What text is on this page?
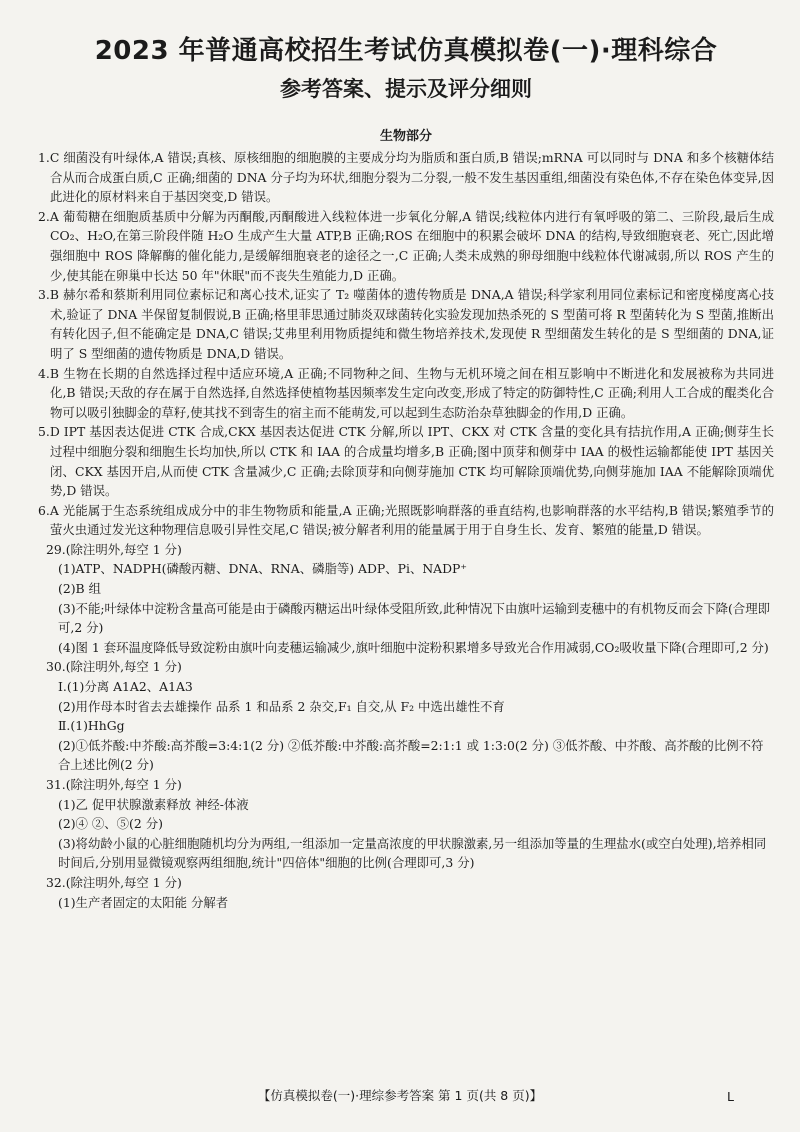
2023 年普通高校招生考试仿真模拟卷(一)·理科综合
参考答案、提示及评分细则
生物部分

1.C 细菌没有叶绿体,A 错误;真核、原核细胞的细胞膜的主要成分均为脂质和蛋白质,B 错误;mRNA 可以同时与 DNA 和多个核糖体结合从而合成蛋白质,C 正确;细菌的 DNA 分子均为环状,细胞分裂为二分裂,一般不发生基因重组,细菌没有染色体,不存在染色体变异,因此进化的原材料来自于基因突变,D 错误。

2.A 葡萄糖在细胞质基质中分解为丙酮酸,丙酮酸进入线粒体进一步氧化分解,A 错误;线粒体内进行有氧呼吸的第二、三阶段,最后生成 CO₂、H₂O,在第三阶段伴随 H₂O 生成产生大量 ATP,B 正确;ROS 在细胞中的积累会破坏 DNA 的结构,导致细胞衰老、死亡,因此增强细胞中 ROS 降解酶的催化能力,是缓解细胞衰老的途径之一,C 正确;人类未成熟的卵母细胞中线粒体代谢减弱,所以 ROS 产生的少,使其能在卵巢中长达 50 年"休眠"而不丧失生殖能力,D 正确。

3.B 赫尔希和蔡斯利用同位素标记和离心技术,证实了 T₂ 噬菌体的遗传物质是 DNA,A 错误;科学家利用同位素标记和密度梯度离心技术,验证了 DNA 半保留复制假说,B 正确;格里菲思通过肺炎双球菌转化实验发现加热杀死的 S 型菌可将 R 型菌转化为 S 型菌,推断出有转化因子,但不能确定是 DNA,C 错误;艾弗里利用物质提纯和微生物培养技术,发现使 R 型细菌发生转化的是 S 型细菌的 DNA,证明了 S 型细菌的遗传物质是 DNA,D 错误。

4.B 生物在长期的自然选择过程中适应环境,A 正确;不同物种之间、生物与无机环境之间在相互影响中不断进化和发展被称为共同进化,B 错误;天敌的存在属于自然选择,自然选择使植物基因频率发生定向改变,形成了特定的防御特性,C 正确;利用人工合成的醌类化合物可以吸引独脚金的草籽,使其找不到寄生的宿主而不能萌发,可以起到生态防治杂草独脚金的作用,D 正确。

5.D IPT 基因表达促进 CTK 合成,CKX 基因表达促进 CTK 分解,所以 IPT、CKX 对 CTK 含量的变化具有拮抗作用,A 正确;侧芽生长过程中细胞分裂和细胞生长均加快,所以 CTK 和 IAA 的合成量均增多,B 正确;图中顶芽和侧芽中 IAA 的极性运输都能使 IPT 基因关闭、CKX 基因开启,从而使 CTK 含量减少,C 正确;去除顶芽和向侧芽施加 CTK 均可解除顶端优势,向侧芽施加 IAA 不能解除顶端优势,D 错误。

6.A 光能属于生态系统组成成分中的非生物物质和能量,A 正确;光照既影响群落的垂直结构,也影响群落的水平结构,B 错误;繁殖季节的萤火虫通过发光这种物理信息吸引异性交尾,C 错误;被分解者利用的能量属于用于自身生长、发育、繁殖的能量,D 错误。

29.(除注明外,每空 1 分)

(1)ATP、NADPH(磷酸丙糖、DNA、RNA、磷脂等) ADP、Pi、NADP⁺

(2)B 组

(3)不能;叶绿体中淀粉含量高可能是由于磷酸丙糖运出叶绿体受阻所致,此种情况下由旗叶运输到麦穗中的有机物反而会下降(合理即可,2 分)

(4)图 1 套环温度降低导致淀粉由旗叶向麦穗运输减少,旗叶细胞中淀粉积累增多导致光合作用减弱,CO₂吸收量下降(合理即可,2 分)

30.(除注明外,每空 1 分)

Ⅰ.(1)分离 A1A2、A1A3

(2)用作母本时省去去雄操作 品系 1 和品系 2 杂交,F₁ 自交,从 F₂ 中选出雄性不育

Ⅱ.(1)HhGg

(2)①低芥酸:中芥酸:高芥酸=3:4:1(2 分) ②低芥酸:中芥酸:高芥酸=2:1:1 或 1:3:0(2 分) ③低芥酸、中芥酸、高芥酸的比例不符合上述比例(2 分)

31.(除注明外,每空 1 分)

(1)乙 促甲状腺激素释放 神经-体液

(2)④ ②、⑤(2 分)

(3)将幼龄小鼠的心脏细胞随机均分为两组,一组添加一定量高浓度的甲状腺激素,另一组添加等量的生理盐水(或空白处理),培养相同时间后,分别用显微镜观察两组细胞,统计"四倍体"细胞的比例(合理即可,3 分)

32.(除注明外,每空 1 分)

(1)生产者固定的太阳能 分解者

【仿真模拟卷(一)·理综参考答案 第 1 页(共 8 页)】	L
